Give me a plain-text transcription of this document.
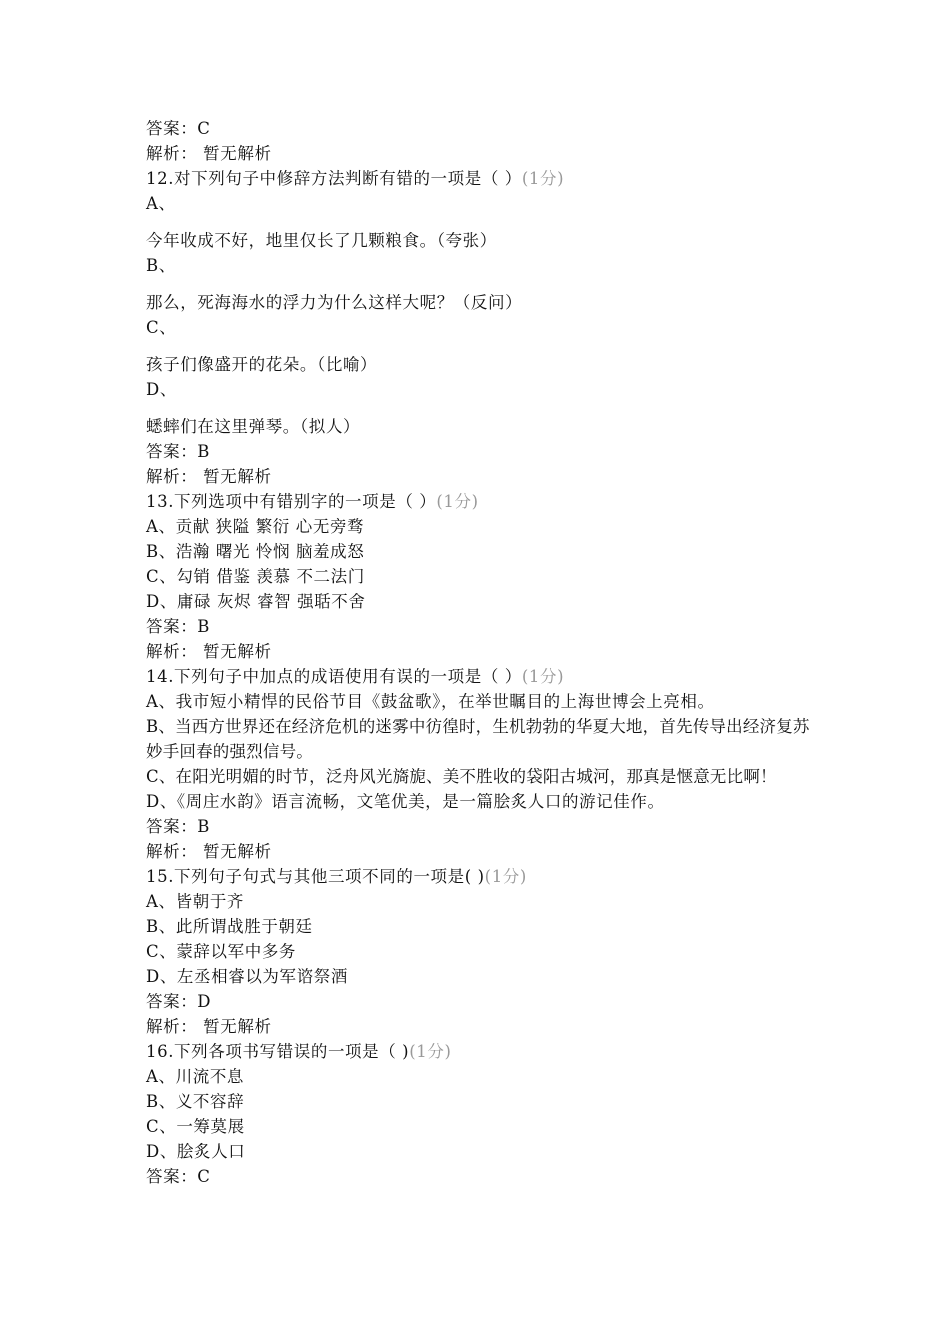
答案：C
解析： 暂无解析
12.对下列句子中修辞方法判断有错的一项是（ ）(1分)
A、
今年收成不好，地里仅长了几颗粮食。（夸张）
B、
那么，死海海水的浮力为什么这样大呢？（反问）
C、
孩子们像盛开的花朵。（比喻）
D、
蟋蟀们在这里弹琴。（拟人）
答案：B
解析： 暂无解析
13.下列选项中有错别字的一项是（ ）(1分)
A、贡献 狭隘 繁衍 心无旁骛
B、浩瀚 曙光 怜悯 脑羞成怒
C、勾销 借鉴 羡慕 不二法门
D、庸碌 灰烬 睿智 强聒不舍
答案：B
解析： 暂无解析
14.下列句子中加点的成语使用有误的一项是（ ）(1分)
A、我市短小精悍的民俗节目《鼓盆歌》，在举世瞩目的上海世博会上亮相。
B、当西方世界还在经济危机的迷雾中彷徨时，生机勃勃的华夏大地，首先传导出经济复苏妙手回春的强烈信号。
C、在阳光明媚的时节，泛舟风光旖旎、美不胜收的袋阳古城河，那真是惬意无比啊！
D、《周庄水韵》语言流畅，文笔优美，是一篇脍炙人口的游记佳作。
答案：B
解析： 暂无解析
15.下列句子句式与其他三项不同的一项是( )(1分)
A、皆朝于齐
B、此所谓战胜于朝廷
C、蒙辞以军中多务
D、左丞相睿以为军谘祭酒
答案：D
解析： 暂无解析
16.下列各项书写错误的一项是（ )(1分)
A、川流不息
B、义不容辞
C、一筹莫展
D、脍炙人口
答案：C
